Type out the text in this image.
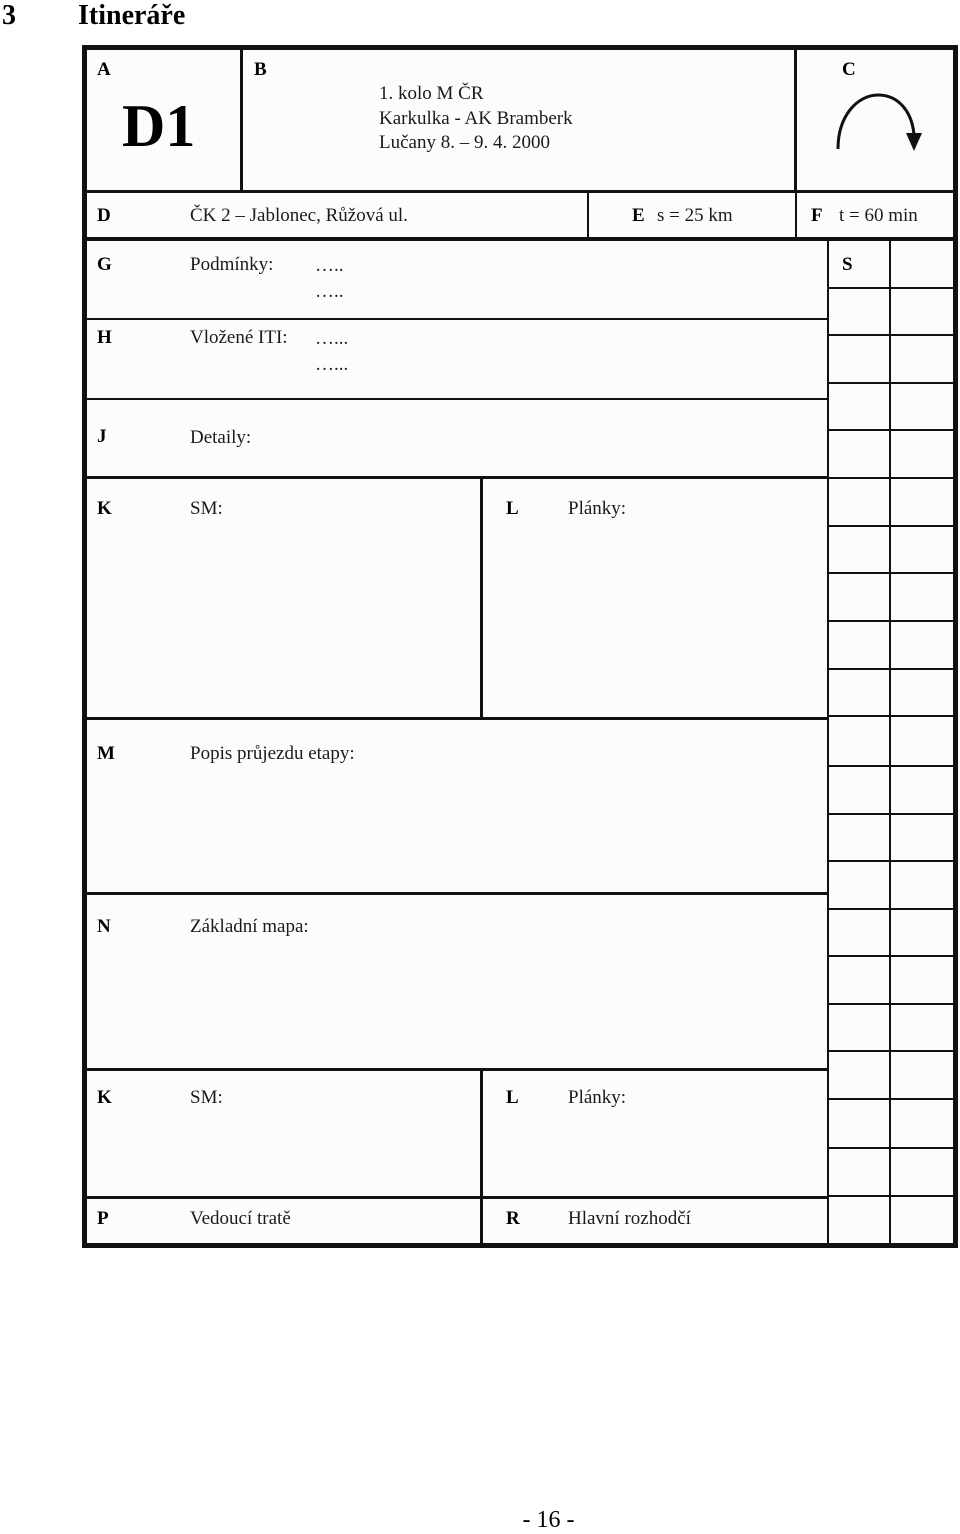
3 Itineráře
A
D1
B
1. kolo M ČR
Karkulka - AK Bramberk
Lučany 8. – 9. 4. 2000
C
D	ČK 2 – Jablonec, Růžová ul.	E s = 25 km	F t = 60 min
G	Podmínky: …..
…..
S
H	Vložené ITI: …...
…...
J	Detaily:
K	SM:	L	Plánky:
M	Popis průjezdu etapy:
N	Základní mapa:
K	SM:	L	Plánky:
P	Vedoucí tratě	R	Hlavní rozhodčí
- 16 -
